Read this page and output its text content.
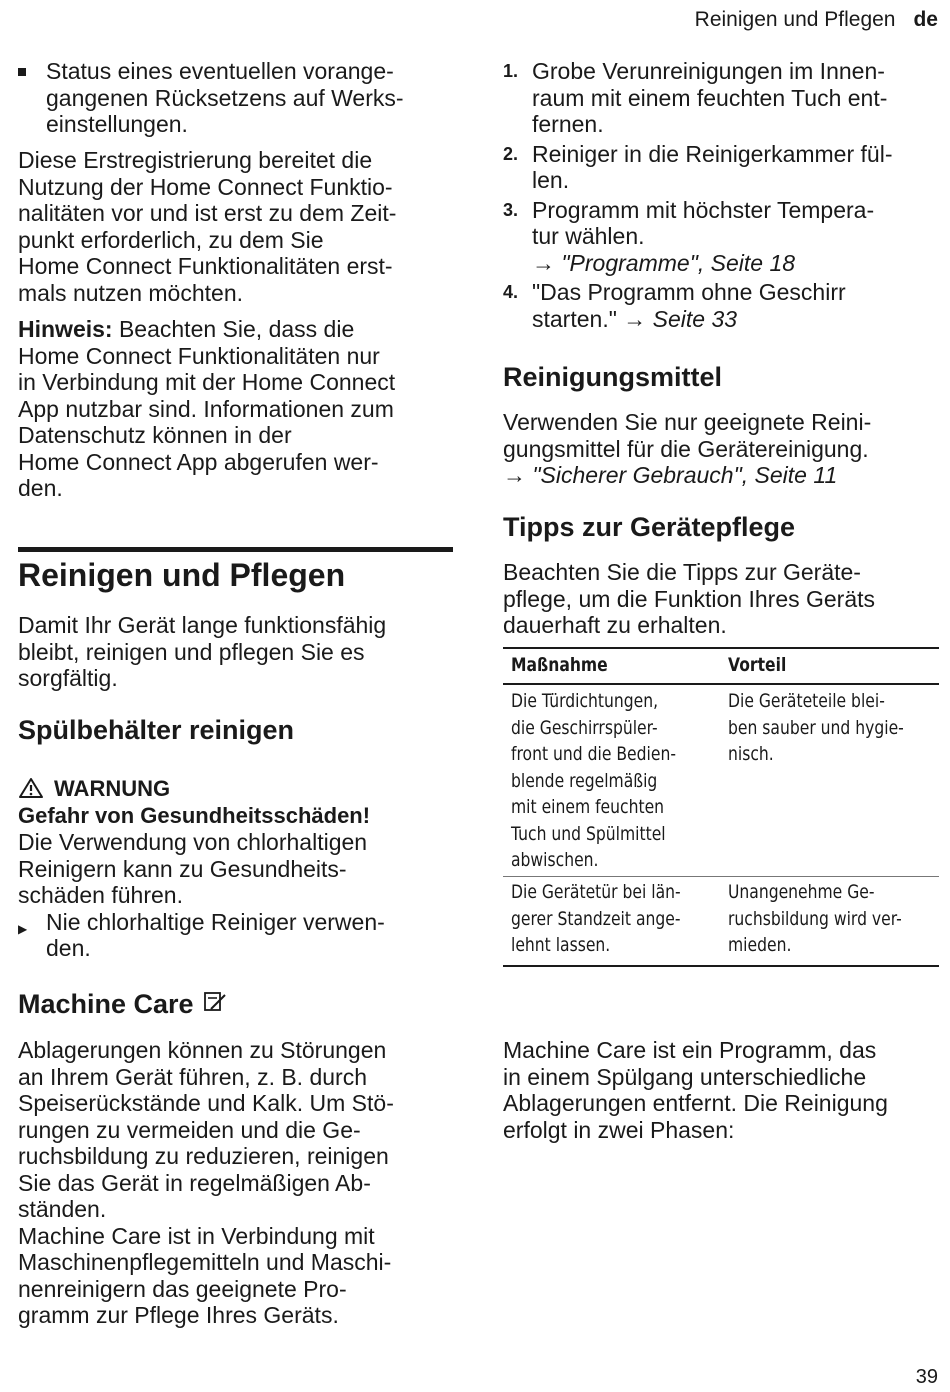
Reinigen und Pflegen de
Status eines eventuellen vorange-
gangenen Rücksetzens auf Werks-
einstellungen.
Diese Erstregistrierung bereitet die
Nutzung der Home Connect Funktio-
nalitäten vor und ist erst zu dem Zeit-
punkt erforderlich, zu dem Sie
Home Connect Funktionalitäten erst-
mals nutzen möchten.
Hinweis: Beachten Sie, dass die
Home Connect Funktionalitäten nur
in Verbindung mit der Home Connect
App nutzbar sind. Informationen zum
Datenschutz können in der
Home Connect App abgerufen wer-
den.
Reinigen und Pflegen
Damit Ihr Gerät lange funktionsfähig
bleibt, reinigen und pflegen Sie es
sorgfältig.
Spülbehälter reinigen
WARNUNG
Gefahr von Gesundheitsschäden!
Die Verwendung von chlorhaltigen
Reinigern kann zu Gesundheits-
schäden führen.
▶ Nie chlorhaltige Reiniger verwen-
den.
Machine Care
Ablagerungen können zu Störungen
an Ihrem Gerät führen, z. B. durch
Speiserückstände und Kalk. Um Stö-
rungen zu vermeiden und die Ge-
ruchsbildung zu reduzieren, reinigen
Sie das Gerät in regelmäßigen Ab-
ständen.
Machine Care ist in Verbindung mit
Maschinenpflegemitteln und Maschi-
nenreinigern das geeignete Pro-
gramm zur Pflege Ihres Geräts.
1. Grobe Verunreinigungen im Innen-
raum mit einem feuchten Tuch ent-
fernen.
2. Reiniger in die Reinigerkammer fül-
len.
3. Programm mit höchster Tempera-
tur wählen.
→ "Programme", Seite 18
4. "Das Programm ohne Geschirr
starten." → Seite 33
Reinigungsmittel
Verwenden Sie nur geeignete Reini-
gungsmittel für die Gerätereinigung.
→ "Sicherer Gebrauch", Seite 11
Tipps zur Gerätepflege
Beachten Sie die Tipps zur Geräte-
pflege, um die Funktion Ihres Geräts
dauerhaft zu erhalten.
Maßnahme	Vorteil
Die Türdichtungen,
die Geschirrspüler-
front und die Bedien-
blende regelmäßig
mit einem feuchten
Tuch und Spülmittel
abwischen.
Die Geräteteile blei-
ben sauber und hygie-
nisch.
Die Gerätetür bei län-
gerer Standzeit ange-
lehnt lassen.
Unangenehme Ge-
ruchsbildung wird ver-
mieden.
Machine Care ist ein Programm, das
in einem Spülgang unterschiedliche
Ablagerungen entfernt. Die Reinigung
erfolgt in zwei Phasen:
39
